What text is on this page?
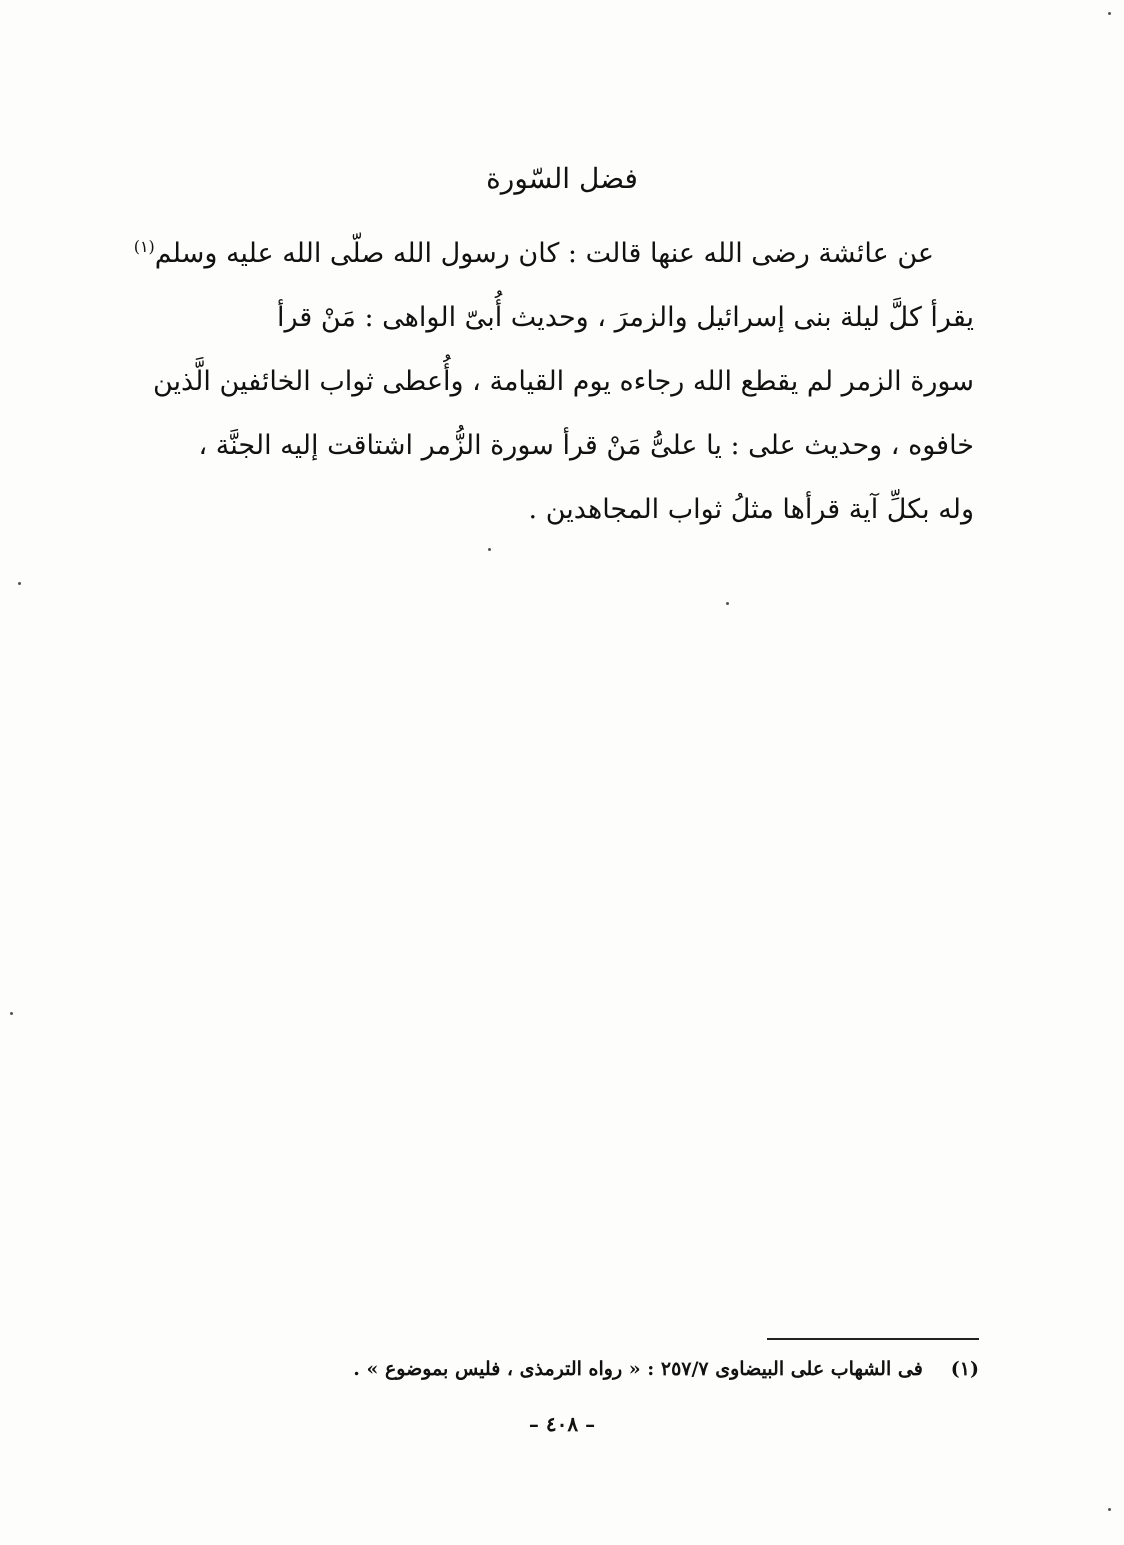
فضل السّورة
عن عائشة رضى الله عنها قالت : كان رسول الله صلّى الله عليه وسلم$^{(١)}$
يقرأ كلَّ ليلة بنى إسرائيل والزمرَ ، وحديث أُبىّ الواهى : مَنْ قرأ
سورة الزمر لم يقطع الله رجاءه يوم القيامة ، وأُعطى ثواب الخائفين الَّذين
خافوه ، وحديث على : يا علىُّ مَنْ قرأ سورة الزُّمر اشتاقت إليه الجنَّة ،
وله بكلِّ آية قرأها مثلُ ثواب المجاهدين .
(١)فى الشهاب على البيضاوى ٢٥٧/٧ : « رواه الترمذى ، فليس بموضوع » .
– ٤٠٨ –
